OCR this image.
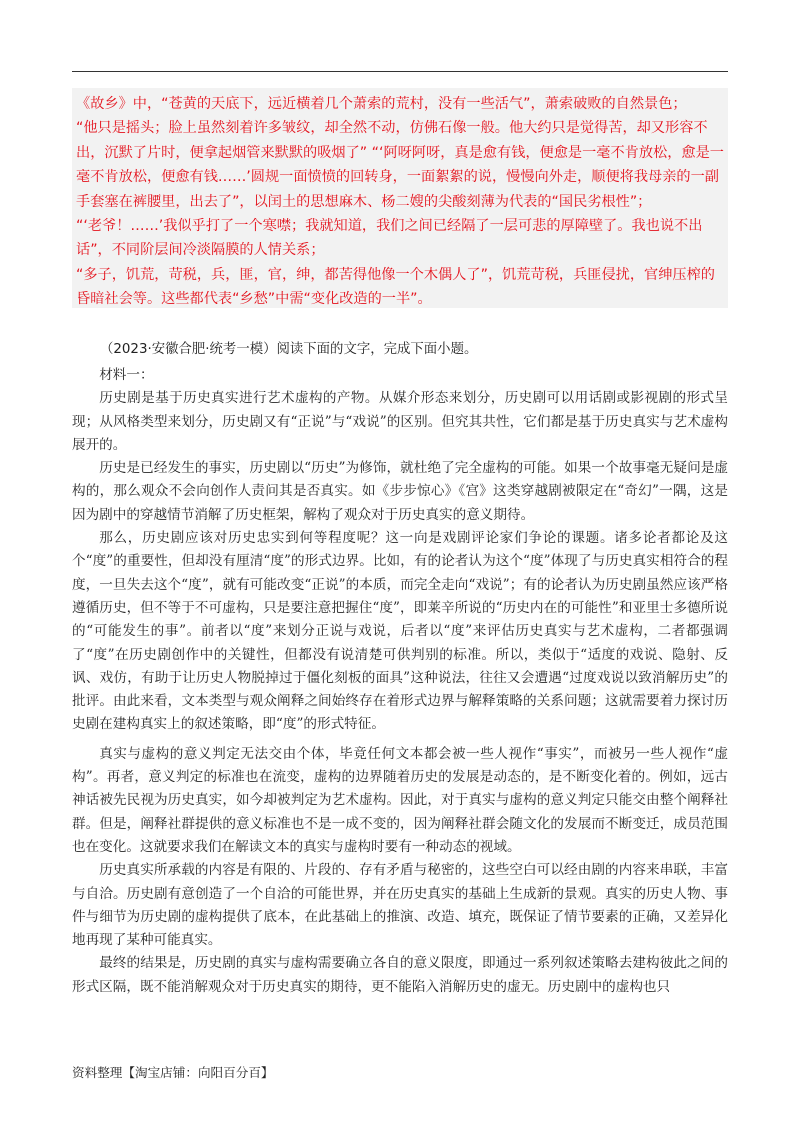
《故乡》中，“苍黄的天底下，远近横着几个萧索的荒村，没有一些活气”，萧索破败的自然景色；

“他只是摇头；脸上虽然刻着许多皱纹，却全然不动，仿佛石像一般。他大约只是觉得苦，却又形容不出，沉默了片时，便拿起烟管来默默的吸烟了” “‘阿呀阿呀，真是愈有钱，便愈是一毫不肯放松，愈是一毫不肯放松，便愈有钱……’圆规一面愤愤的回转身，一面絮絮的说，慢慢向外走，顺便将我母亲的一副手套塞在裤腰里，出去了”，以闰土的思想麻木、杨二嫂的尖酸刻薄为代表的“国民劣根性”；

“‘老爷！……’我似乎打了一个寒噤；我就知道，我们之间已经隔了一层可悲的厚障壁了。我也说不出话”，不同阶层间冷淡隔膜的人情关系；

“多子，饥荒，苛税，兵，匪，官，绅，都苦得他像一个木偶人了”，饥荒苛税，兵匪侵扰，官绅压榨的昏暗社会等。这些都代表“乡愁”中需“变化改造的一半”。

（2023·安徽合肥·统考一模）阅读下面的文字，完成下面小题。

材料一：

历史剧是基于历史真实进行艺术虚构的产物。从媒介形态来划分，历史剧可以用话剧或影视剧的形式呈现；从风格类型来划分，历史剧又有“正说”与“戏说”的区别。但究其共性，它们都是基于历史真实与艺术虚构展开的。

历史是已经发生的事实，历史剧以“历史”为修饰，就杜绝了完全虚构的可能。如果一个故事毫无疑问是虚构的，那么观众不会向创作人责问其是否真实。如《步步惊心》《宫》这类穿越剧被限定在“奇幻”一隅，这是因为剧中的穿越情节消解了历史框架，解构了观众对于历史真实的意义期待。

那么，历史剧应该对历史忠实到何等程度呢？这一向是戏剧评论家们争论的课题。诸多论者都论及这个“度”的重要性，但却没有厘清“度”的形式边界。比如，有的论者认为这个“度”体现了与历史真实相符合的程度，一旦失去这个“度”，就有可能改变“正说”的本质，而完全走向“戏说”；有的论者认为历史剧虽然应该严格遵循历史，但不等于不可虚构，只是要注意把握住“度”，即莱辛所说的“历史内在的可能性”和亚里士多德所说的“可能发生的事”。前者以“度”来划分正说与戏说，后者以“度”来评估历史真实与艺术虚构，二者都强调了“度”在历史剧创作中的关键性，但都没有说清楚可供判别的标准。所以，类似于“适度的戏说、隐射、反讽、戏仿，有助于让历史人物脱掉过于僵化刻板的面具”这种说法，往往又会遭遇“过度戏说以致消解历史”的批评。由此来看，文本类型与观众阐释之间始终存在着形式边界与解释策略的关系问题；这就需要着力探讨历史剧在建构真实上的叙述策略，即“度”的形式特征。

真实与虚构的意义判定无法交由个体，毕竟任何文本都会被一些人视作“事实”，而被另一些人视作“虚构”。再者，意义判定的标准也在流变，虚构的边界随着历史的发展是动态的，是不断变化着的。例如，远古神话被先民视为历史真实，如今却被判定为艺术虚构。因此，对于真实与虚构的意义判定只能交由整个阐释社群。但是，阐释社群提供的意义标准也不是一成不变的，因为阐释社群会随文化的发展而不断变迁，成员范围也在变化。这就要求我们在解读文本的真实与虚构时要有一种动态的视域。

历史真实所承载的内容是有限的、片段的、存有矛盾与秘密的，这些空白可以经由剧的内容来串联，丰富与自洽。历史剧有意创造了一个自洽的可能世界，并在历史真实的基础上生成新的景观。真实的历史人物、事件与细节为历史剧的虚构提供了底本，在此基础上的推演、改造、填充，既保证了情节要素的正确，又差异化地再现了某种可能真实。

最终的结果是，历史剧的真实与虚构需要确立各自的意义限度，即通过一系列叙述策略去建构彼此之间的形式区隔，既不能消解观众对于历史真实的期待，更不能陷入消解历史的虚无。历史剧中的虚构也只

资料整理【淘宝店铺：向阳百分百】
